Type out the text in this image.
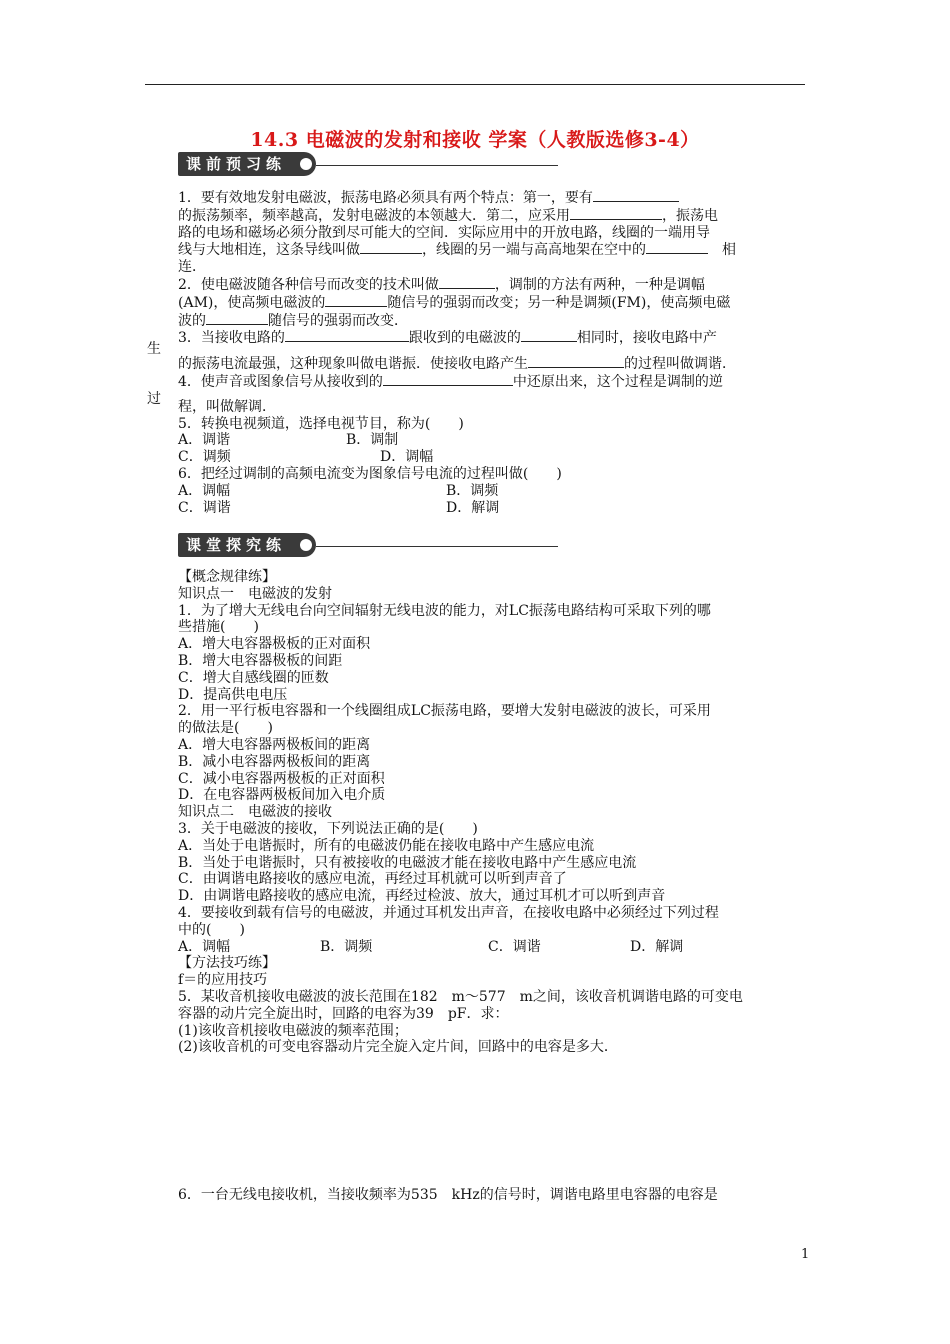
14.3 电磁波的发射和接收 学案（人教版选修3-4）
课前预习练
1．要有效地发射电磁波，振荡电路必须具有两个特点：第一，要有
的振荡频率，频率越高，发射电磁波的本领越大．第二，应采用	，振荡电
路的电场和磁场必须分散到尽可能大的空间．实际应用中的开放电路，线圈的一端用导
线与大地相连，这条导线叫做	，线圈的另一端与高高地架在空中的	相
连．
2．使电磁波随各种信号而改变的技术叫做	，调制的方法有两种，一种是调幅
(AM)，使高频电磁波的	随信号的强弱而改变；另一种是调频(FM)，使高频电磁
波的	随信号的强弱而改变．
3．当接收电路的	跟收到的电磁波的	相同时，接收电路中产
的振荡电流最强，这种现象叫做电谐振．使接收电路产生	的过程叫做调谐．
4．使声音或图象信号从接收到的	中还原出来，这个过程是调制的逆
程，叫做解调．
5．转换电视频道，选择电视节目，称为(　　)
A．调谐	B．调制
C．调频	D．调幅
6．把经过调制的高频电流变为图象信号电流的过程叫做(　　)
A．调幅	B．调频
C．调谐	D．解调
生
过
课堂探究练
【概念规律练】
知识点一　电磁波的发射
1．为了增大无线电台向空间辐射无线电波的能力，对LC振荡电路结构可采取下列的哪
些措施(　　)
A．增大电容器极板的正对面积
B．增大电容器极板的间距
C．增大自感线圈的匝数
D．提高供电电压
2．用一平行板电容器和一个线圈组成LC振荡电路，要增大发射电磁波的波长，可采用
的做法是(　　)
A．增大电容器两极板间的距离
B．减小电容器两极板间的距离
C．减小电容器两极板的正对面积
D．在电容器两极板间加入电介质
知识点二　电磁波的接收
3．关于电磁波的接收，下列说法正确的是(　　)
A．当处于电谐振时，所有的电磁波仍能在接收电路中产生感应电流
B．当处于电谐振时，只有被接收的电磁波才能在接收电路中产生感应电流
C．由调谐电路接收的感应电流，再经过耳机就可以听到声音了
D．由调谐电路接收的感应电流，再经过检波、放大，通过耳机才可以听到声音
4．要接收到载有信号的电磁波，并通过耳机发出声音，在接收电路中必须经过下列过程
中的(　　)
A．调幅	B．调频	C．调谐	D．解调
【方法技巧练】
f＝的应用技巧
5．某收音机接收电磁波的波长范围在182　m～577　m之间，该收音机调谐电路的可变电
容器的动片完全旋出时，回路的电容为39　pF．求：
(1)该收音机接收电磁波的频率范围；
(2)该收音机的可变电容器动片完全旋入定片间，回路中的电容是多大．
6．一台无线电接收机，当接收频率为535　kHz的信号时，调谐电路里电容器的电容是
1
